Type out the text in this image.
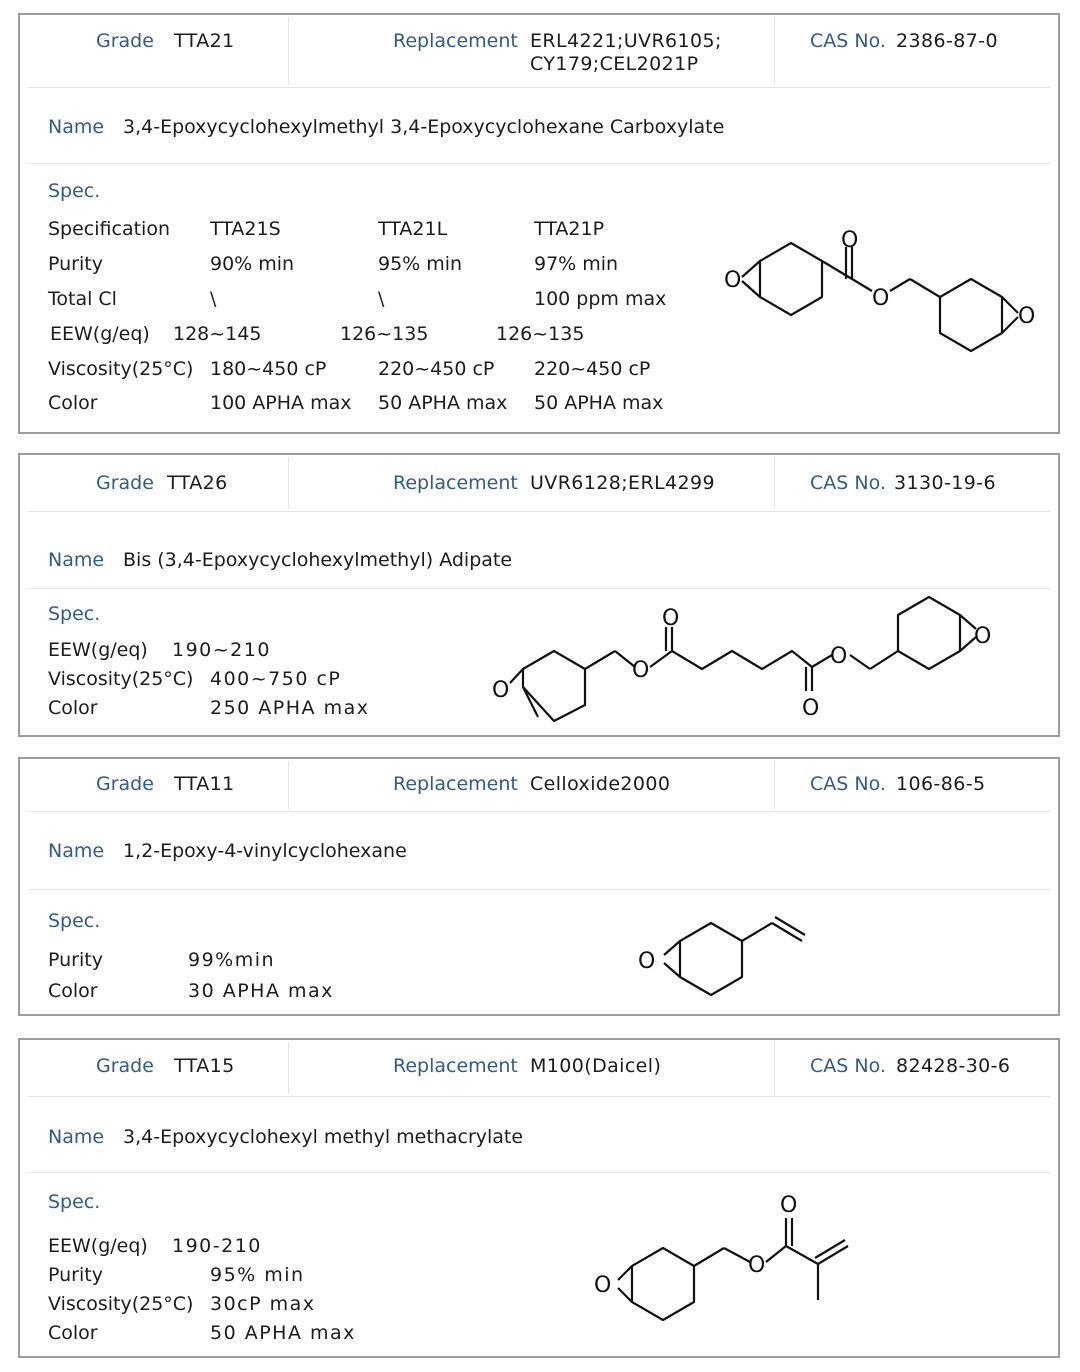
Grade TTA21	Replacement ERL4221;UVR6105;
CY179;CEL2021P
CAS No. 2386-87-0
Name 3,4-Epoxycyclohexylmethyl 3,4-Epoxycyclohexane Carboxylate
Spec.
Specification TTA21S	TTA21L	TTA21P
Purity	90% min	95% min	97% min
Total Cl	\	\	100 ppm max
EEW(g/eq) 128~145	126~135	126~135
Viscosity(25°C) 180~450 cP	220~450 cP 220~450 cP
Color	100 APHA max 50 APHA max 50 APHA max
O
O
O
O
Grade TTA26	Replacement UVR6128;ERL4299	CAS No. 3130-19-6
Name Bis (3,4-Epoxycyclohexylmethyl) Adipate
Spec.
EEW(g/eq) 190~210
Viscosity(25°C) 400~750 cP
Color	250 APHA max
O
O
O
O
O
O
Grade TTA11	Replacement Celloxide2000	CAS No. 106-86-5
Name 1,2-Epoxy-4-vinylcyclohexane
Spec.
Purity	99%min
Color	30 APHA max
O
Grade TTA15	Replacement M100(Daicel)	CAS No. 82428-30-6
Name 3,4-Epoxycyclohexyl methyl methacrylate
Spec.
EEW(g/eq) 190-210
Purity	95% min
Viscosity(25°C) 30cP max
Color	50 APHA max
O
O
O
